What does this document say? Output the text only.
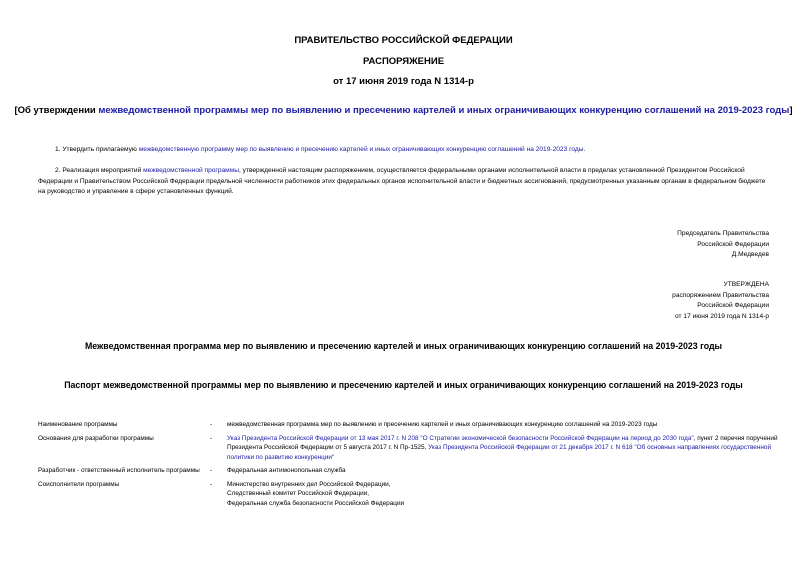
ПРАВИТЕЛЬСТВО РОССИЙСКОЙ ФЕДЕРАЦИИ
РАСПОРЯЖЕНИЕ
от 17 июня 2019 года N 1314-р
[Об утверждении межведомственной программы мер по выявлению и пресечению картелей и иных ограничивающих конкуренцию соглашений на 2019-2023 годы]
1. Утвердить прилагаемую межведомственную программу мер по выявлению и пресечению картелей и иных ограничивающих конкуренцию соглашений на 2019-2023 годы.
2. Реализация мероприятий межведомственной программы, утвержденной настоящим распоряжением, осуществляется федеральными органами исполнительной власти в пределах установленной Президентом Российской Федерации и Правительством Российской Федерации предельной численности работников этих федеральных органов исполнительной власти и бюджетных ассигнований, предусмотренных указанным органам в федеральном бюджете на руководство и управление в сфере установленных функций.
Председатель Правительства
Российской Федерации
Д.Медведев
УТВЕРЖДЕНА
распоряжением Правительства
Российской Федерации
от 17 июня 2019 года N 1314-р
Межведомственная программа мер по выявлению и пресечению картелей и иных ограничивающих конкуренцию соглашений на 2019-2023 годы
Паспорт межведомственной программы мер по выявлению и пресечению картелей и иных ограничивающих конкуренцию соглашений на 2019-2023 годы
Наименование программы	-	межведомственная программа мер по выявлению и пресечению картелей и иных ограничивающих конкуренцию соглашений на 2019-2023 годы
Основания для разработки программы	-	Указ Президента Российской Федерации от 13 мая 2017 г. N 208 "О Стратегии экономической безопасности Российской Федерации на период до 2030 года", пункт 2 перечня поручений Президента Российской Федерации от 5 августа 2017 г. N Пр-1525, Указ Президента Российской Федерации от 21 декабря 2017 г. N 618 "Об основных направлениях государственной политики по развитию конкуренции"
Разработчик - ответственный исполнитель программы	-	Федеральная антимонопольная служба
Соисполнители программы	-	Министерство внутренних дел Российской Федерации,
Следственный комитет Российской Федерации,
Федеральная служба безопасности Российской Федерации
